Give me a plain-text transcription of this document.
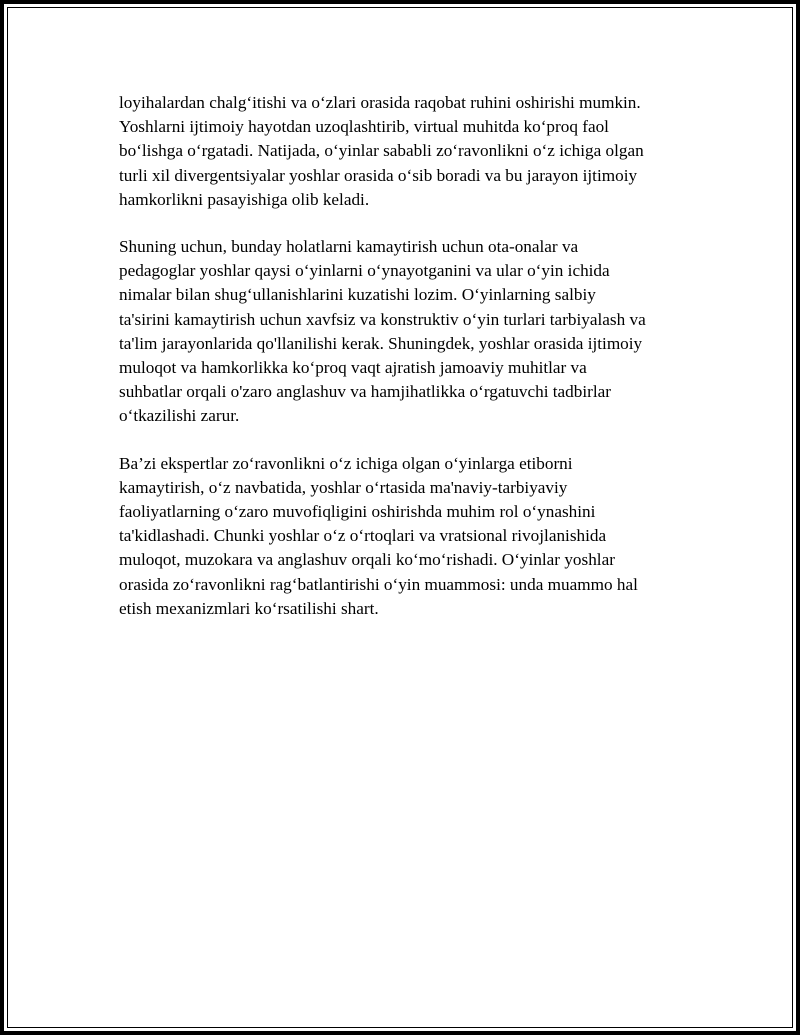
loyihalardan chalg‘itishi va o‘zlari orasida raqobat ruhini oshirishi mumkin.
Yoshlarni ijtimoiy hayotdan uzoqlashtirib, virtual muhitda ko‘proq faol
bo‘lishga o‘rgatadi. Natijada, o‘yinlar sababli zo‘ravonlikni o‘z ichiga olgan
turli xil divergentsiyalar yoshlar orasida o‘sib boradi va bu jarayon ijtimoiy
hamkorlikni pasayishiga olib keladi.

Shuning uchun, bunday holatlarni kamaytirish uchun ota-onalar va
pedagoglar yoshlar qaysi o‘yinlarni o‘ynayotganini va ular o‘yin ichida
nimalar bilan shug‘ullanishlarini kuzatishi lozim. O‘yinlarning salbiy
ta'sirini kamaytirish uchun xavfsiz va konstruktiv o‘yin turlari tarbiyalash va
ta'lim jarayonlarida qo'llanilishi kerak. Shuningdek, yoshlar orasida ijtimoiy
muloqot va hamkorlikka ko‘proq vaqt ajratish jamoaviy muhitlar va
suhbatlar orqali o'zaro anglashuv va hamjihatlikka o‘rgatuvchi tadbirlar
o‘tkazilishi zarur.

Ba’zi ekspertlar zo‘ravonlikni o‘z ichiga olgan o‘yinlarga etiborni
kamaytirish, o‘z navbatida, yoshlar o‘rtasida ma'naviy-tarbiyaviy
faoliyatlarning o‘zaro muvofiqligini oshirishda muhim rol o‘ynashini
ta'kidlashadi. Chunki yoshlar o‘z o‘rtoqlari va vratsional rivojlanishida
muloqot, muzokara va anglashuv orqali ko‘mo‘rishadi. O‘yinlar yoshlar
orasida zo‘ravonlikni rag‘batlantirishi o‘yin muammosi: unda muammo hal
etish mexanizmlari ko‘rsatilishi shart.
